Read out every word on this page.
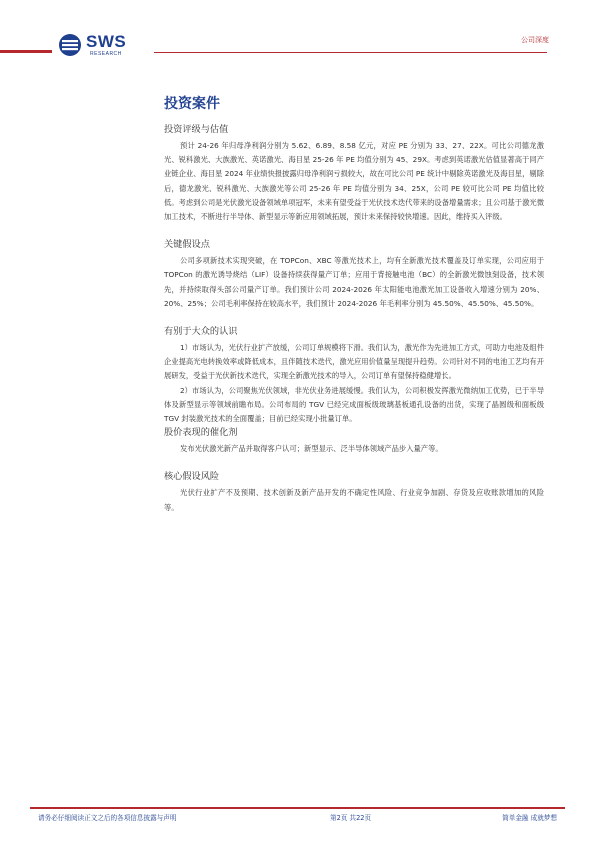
SWS
RESEARCH
公司深度
投资案件
投资评级与估值

预计 24-26 年归母净利润分别为 5.62、6.89、8.58 亿元，对应 PE 分别为 33、27、22X。可比公司德龙激光、锐科激光、大族激光、英诺激光、海目星 25-26 年 PE 均值分别为 45、29X。考虑到英诺激光估值显著高于同产业链企业、海目星 2024 年业绩快报披露归母净利润亏损较大，故在可比公司 PE 统计中剔除英诺激光及海目星，剔除后，德龙激光、锐科激光、大族激光等公司 25-26 年 PE 均值分别为 34、25X，公司 PE 较可比公司 PE 均值比较低。考虑到公司是光伏激光设备领域单项冠军，未来有望受益于光伏技术迭代带来的设备增量需求；且公司基于激光微加工技术，不断进行半导体、新型显示等新应用领域拓展，预计未来保持较快增速。因此，维持买入评级。

关键假设点

公司多项新技术实现突破，在 TOPCon、XBC 等激光技术上，均有全新激光技术覆盖及订单实现，公司应用于 TOPCon 的激光诱导烧结（LIF）设备持续获得量产订单；应用于背接触电池（BC）的全新激光微蚀刻设备，技术领先，并持续取得头部公司量产订单。我们预计公司 2024-2026 年太阳能电池激光加工设备收入增速分别为 20%、20%、25%；公司毛利率保持在较高水平，我们预计 2024-2026 年毛利率分别为 45.50%、45.50%、45.50%。

有别于大众的认识

1）市场认为，光伏行业扩产放缓，公司订单规模将下滑。我们认为，激光作为先进加工方式，可助力电池及组件企业提高光电转换效率或降低成本，且伴随技术迭代，激光应用价值量呈现提升趋势。公司针对不同的电池工艺均有开展研发，受益于光伏新技术迭代，实现全新激光技术的导入，公司订单有望保持稳健增长。

2）市场认为，公司聚焦光伏领域，非光伏业务进展缓慢。我们认为，公司积极发挥激光微纳加工优势，已于半导体及新型显示等领域前瞻布局。公司布局的 TGV 已经完成面板级玻璃基板通孔设备的出货，实现了晶圆级和面板级 TGV 封装激光技术的全面覆盖；目前已经实现小批量订单。

股价表现的催化剂

发布光伏激光新产品并取得客户认可；新型显示、泛半导体领域产品步入量产等。

核心假设风险

光伏行业扩产不及预期、技术创新及新产品开发的不确定性风险、行业竞争加剧、存货及应收账款增加的风险等。

请务必仔细阅读正文之后的各项信息披露与声明	第2页 共22页	简单金融 成就梦想
